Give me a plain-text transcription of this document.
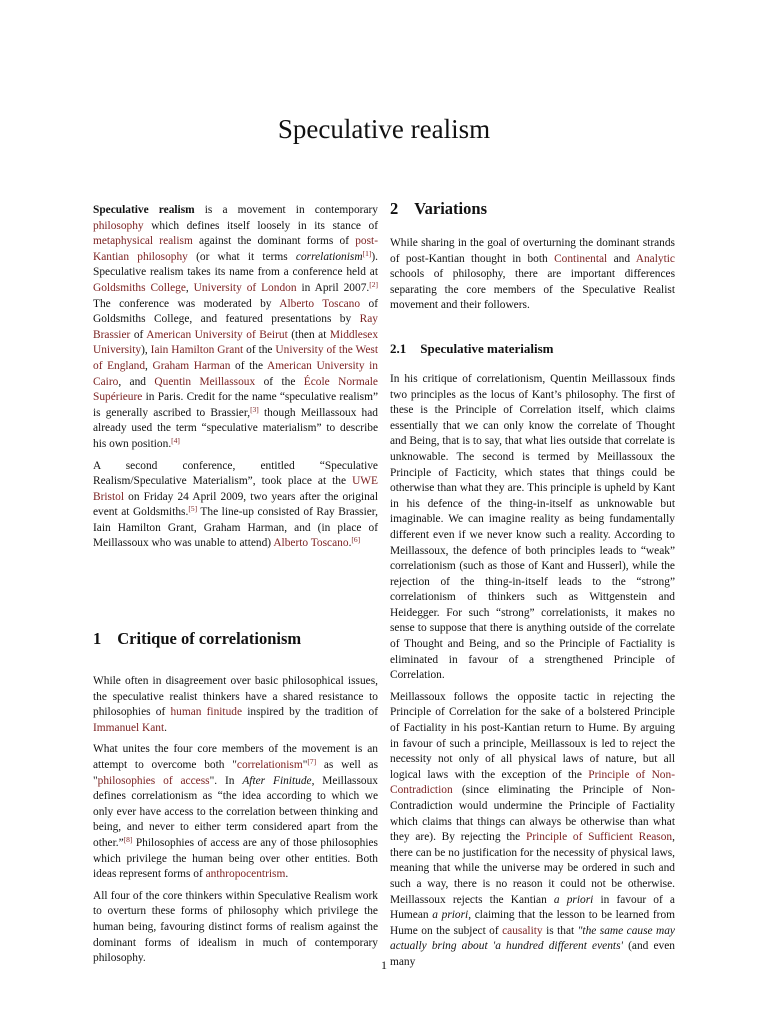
Speculative realism

Speculative realism is a movement in contemporary philosophy which defines itself loosely in its stance of metaphysical realism against the dominant forms of post-Kantian philosophy (or what it terms correlationism[1]). Speculative realism takes its name from a conference held at Goldsmiths College, University of London in April 2007.[2] The conference was moderated by Alberto Toscano of Goldsmiths College, and featured presentations by Ray Brassier of American University of Beirut (then at Middlesex University), Iain Hamilton Grant of the University of the West of England, Graham Harman of the American University in Cairo, and Quentin Meillassoux of the École Normale Supérieure in Paris. Credit for the name “speculative realism” is generally ascribed to Brassier,[3] though Meillassoux had already used the term “speculative materialism” to describe his own position.[4]

A second conference, entitled “Speculative Realism/Speculative Materialism”, took place at the UWE Bristol on Friday 24 April 2009, two years after the original event at Goldsmiths.[5] The line-up consisted of Ray Brassier, Iain Hamilton Grant, Graham Harman, and (in place of Meillassoux who was unable to attend) Alberto Toscano.[6]

1 Critique of correlationism

While often in disagreement over basic philosophical issues, the speculative realist thinkers have a shared resistance to philosophies of human finitude inspired by the tradition of Immanuel Kant.

What unites the four core members of the movement is an attempt to overcome both "correlationism"[7] as well as "philosophies of access". In After Finitude, Meillassoux defines correlationism as “the idea according to which we only ever have access to the correlation between thinking and being, and never to either term considered apart from the other.”[8] Philosophies of access are any of those philosophies which privilege the human being over other entities. Both ideas represent forms of anthropocentrism.

All four of the core thinkers within Speculative Realism work to overturn these forms of philosophy which privilege the human being, favouring distinct forms of realism against the dominant forms of idealism in much of contemporary philosophy.

2 Variations

While sharing in the goal of overturning the dominant strands of post-Kantian thought in both Continental and Analytic schools of philosophy, there are important differences separating the core members of the Speculative Realist movement and their followers.

2.1 Speculative materialism

In his critique of correlationism, Quentin Meillassoux finds two principles as the locus of Kant’s philosophy. The first of these is the Principle of Correlation itself, which claims essentially that we can only know the correlate of Thought and Being, that is to say, that what lies outside that correlate is unknowable. The second is termed by Meillassoux the Principle of Facticity, which states that things could be otherwise than what they are. This principle is upheld by Kant in his defence of the thing-in-itself as unknowable but imaginable. We can imagine reality as being fundamentally different even if we never know such a reality. According to Meillassoux, the defence of both principles leads to “weak” correlationism (such as those of Kant and Husserl), while the rejection of the thing-in-itself leads to the “strong” correlationism of thinkers such as Wittgenstein and Heidegger. For such “strong” correlationists, it makes no sense to suppose that there is anything outside of the correlate of Thought and Being, and so the Principle of Factiality is eliminated in favour of a strengthened Principle of Correlation.

Meillassoux follows the opposite tactic in rejecting the Principle of Correlation for the sake of a bolstered Principle of Factiality in his post-Kantian return to Hume. By arguing in favour of such a principle, Meillassoux is led to reject the necessity not only of all physical laws of nature, but all logical laws with the exception of the Principle of Non-Contradiction (since eliminating the Principle of Non-Contradiction would undermine the Principle of Factiality which claims that things can always be otherwise than what they are). By rejecting the Principle of Sufficient Reason, there can be no justification for the necessity of physical laws, meaning that while the universe may be ordered in such and such a way, there is no reason it could not be otherwise. Meillassoux rejects the Kantian a priori in favour of a Humean a priori, claiming that the lesson to be learned from Hume on the subject of causality is that "the same cause may actually bring about 'a hundred different events' (and even many

1
